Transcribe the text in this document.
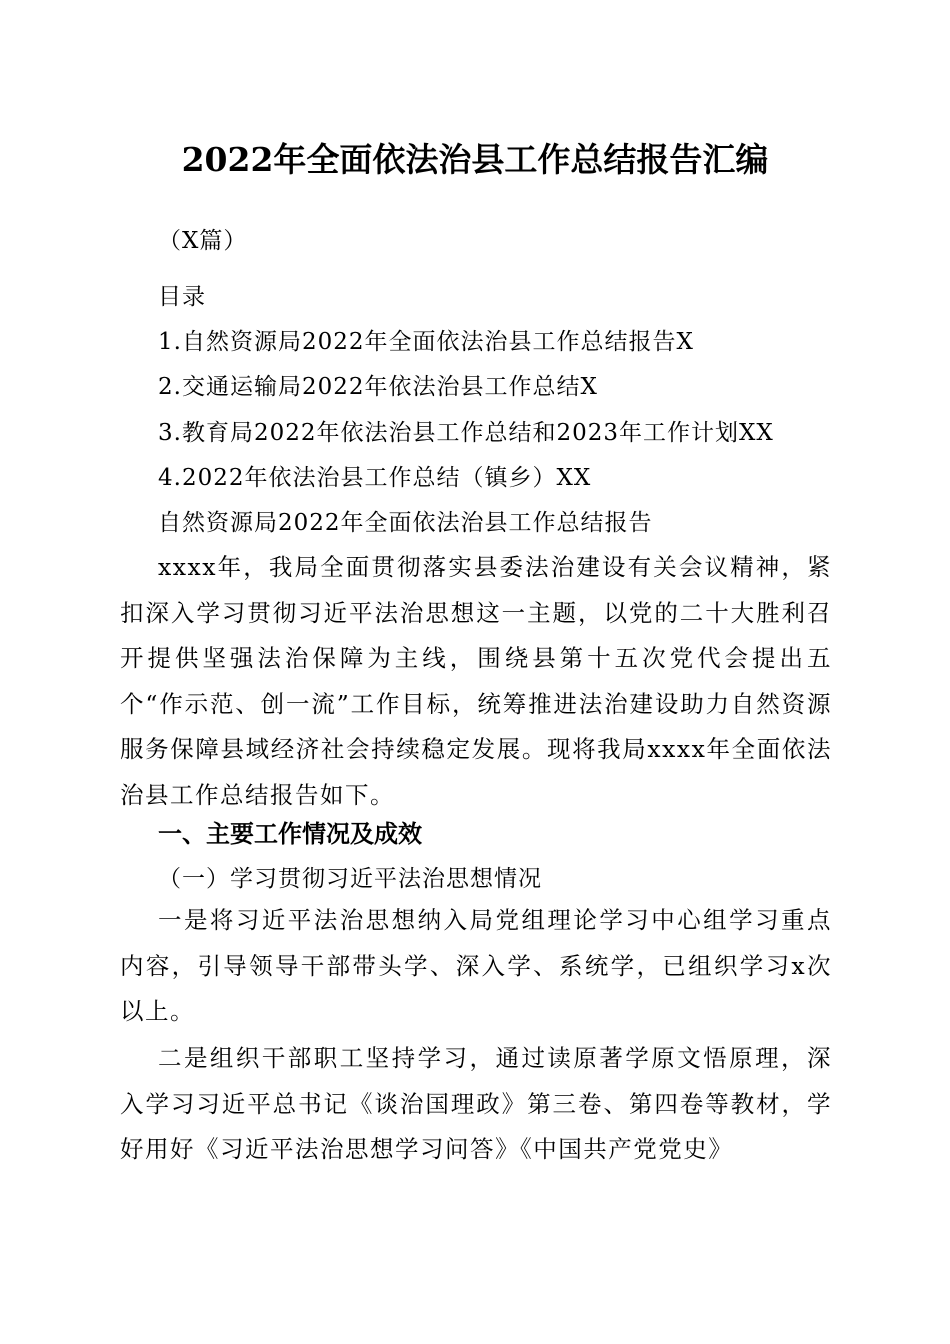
2022年全面依法治县工作总结报告汇编
（X篇）
目录
1.自然资源局2022年全面依法治县工作总结报告X
2.交通运输局2022年依法治县工作总结X
3.教育局2022年依法治县工作总结和2023年工作计划XX
4.2022年依法治县工作总结（镇乡）XX
自然资源局2022年全面依法治县工作总结报告

xxxx年，我局全面贯彻落实县委法治建设有关会议精神，紧扣深入学习贯彻习近平法治思想这一主题，以党的二十大胜利召开提供坚强法治保障为主线，围绕县第十五次党代会提出五个“作示范、创一流”工作目标，统筹推进法治建设助力自然资源服务保障县域经济社会持续稳定发展。现将我局xxxx年全面依法治县工作总结报告如下。

一、主要工作情况及成效
（一）学习贯彻习近平法治思想情况

一是将习近平法治思想纳入局党组理论学习中心组学习重点内容，引导领导干部带头学、深入学、系统学，已组织学习x次以上。

二是组织干部职工坚持学习，通过读原著学原文悟原理，深入学习习近平总书记《谈治国理政》第三卷、第四卷等教材，学好用好《习近平法治思想学习问答》《中国共产党党史》
